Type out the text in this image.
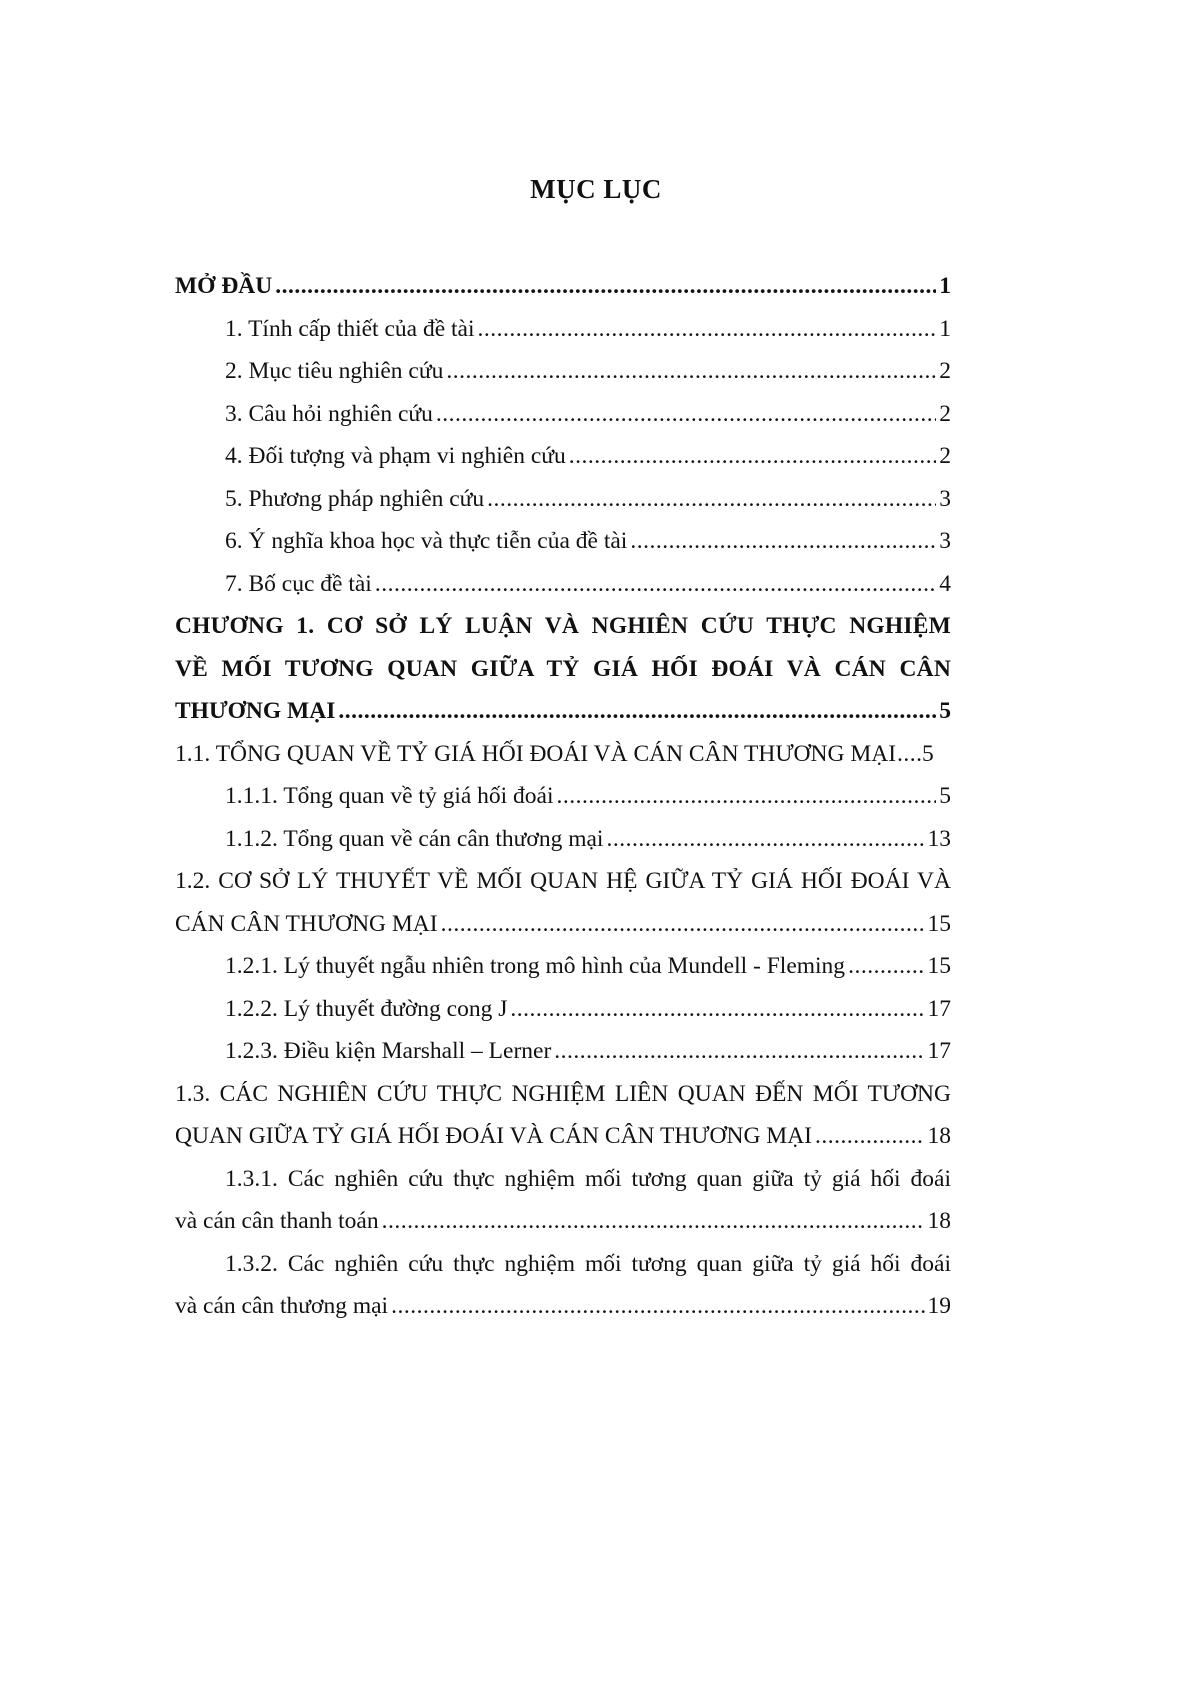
MỤC LỤC
MỞ ĐẦU .....	1
1. Tính cấp thiết của đề tài .....	1
2. Mục tiêu nghiên cứu .....	2
3. Câu hỏi nghiên cứu .....	2
4. Đối tượng và phạm vi nghiên cứu .....	2
5. Phương pháp nghiên cứu .....	3
6. Ý nghĩa khoa học và thực tiễn của đề tài .....	3
7. Bố cục đề tài .....	4
CHƯƠNG 1. CƠ SỞ LÝ LUẬN VÀ NGHIÊN CỨU THỰC NGHIỆM
VỀ MỐI TƯƠNG QUAN GIỮA TỶ GIÁ HỐI ĐOÁI VÀ CÁN CÂN
THƯƠNG MẠI .....	5
1.1. TỔNG QUAN VỀ TỶ GIÁ HỐI ĐOÁI VÀ CÁN CÂN THƯƠNG MẠI ..... 5
1.1.1. Tổng quan về tỷ giá hối đoái .....	5
1.1.2. Tổng quan về cán cân thương mại .....	13
1.2. CƠ SỞ LÝ THUYẾT VỀ MỐI QUAN HỆ GIỮA TỶ GIÁ HỐI ĐOÁI VÀ
CÁN CÂN THƯƠNG MẠI .....	15
1.2.1. Lý thuyết ngẫu nhiên trong mô hình của Mundell - Fleming .....	15
1.2.2. Lý thuyết đường cong J .....	17
1.2.3. Điều kiện Marshall – Lerner .....	17
1.3. CÁC NGHIÊN CỨU THỰC NGHIỆM LIÊN QUAN ĐẾN MỐI TƯƠNG
QUAN GIỮA TỶ GIÁ HỐI ĐOÁI VÀ CÁN CÂN THƯƠNG MẠI .....	18
1.3.1. Các nghiên cứu thực nghiệm mối tương quan giữa tỷ giá hối đoái
và cán cân thanh toán .....	18
1.3.2. Các nghiên cứu thực nghiệm mối tương quan giữa tỷ giá hối đoái
và cán cân thương mại .....	19
